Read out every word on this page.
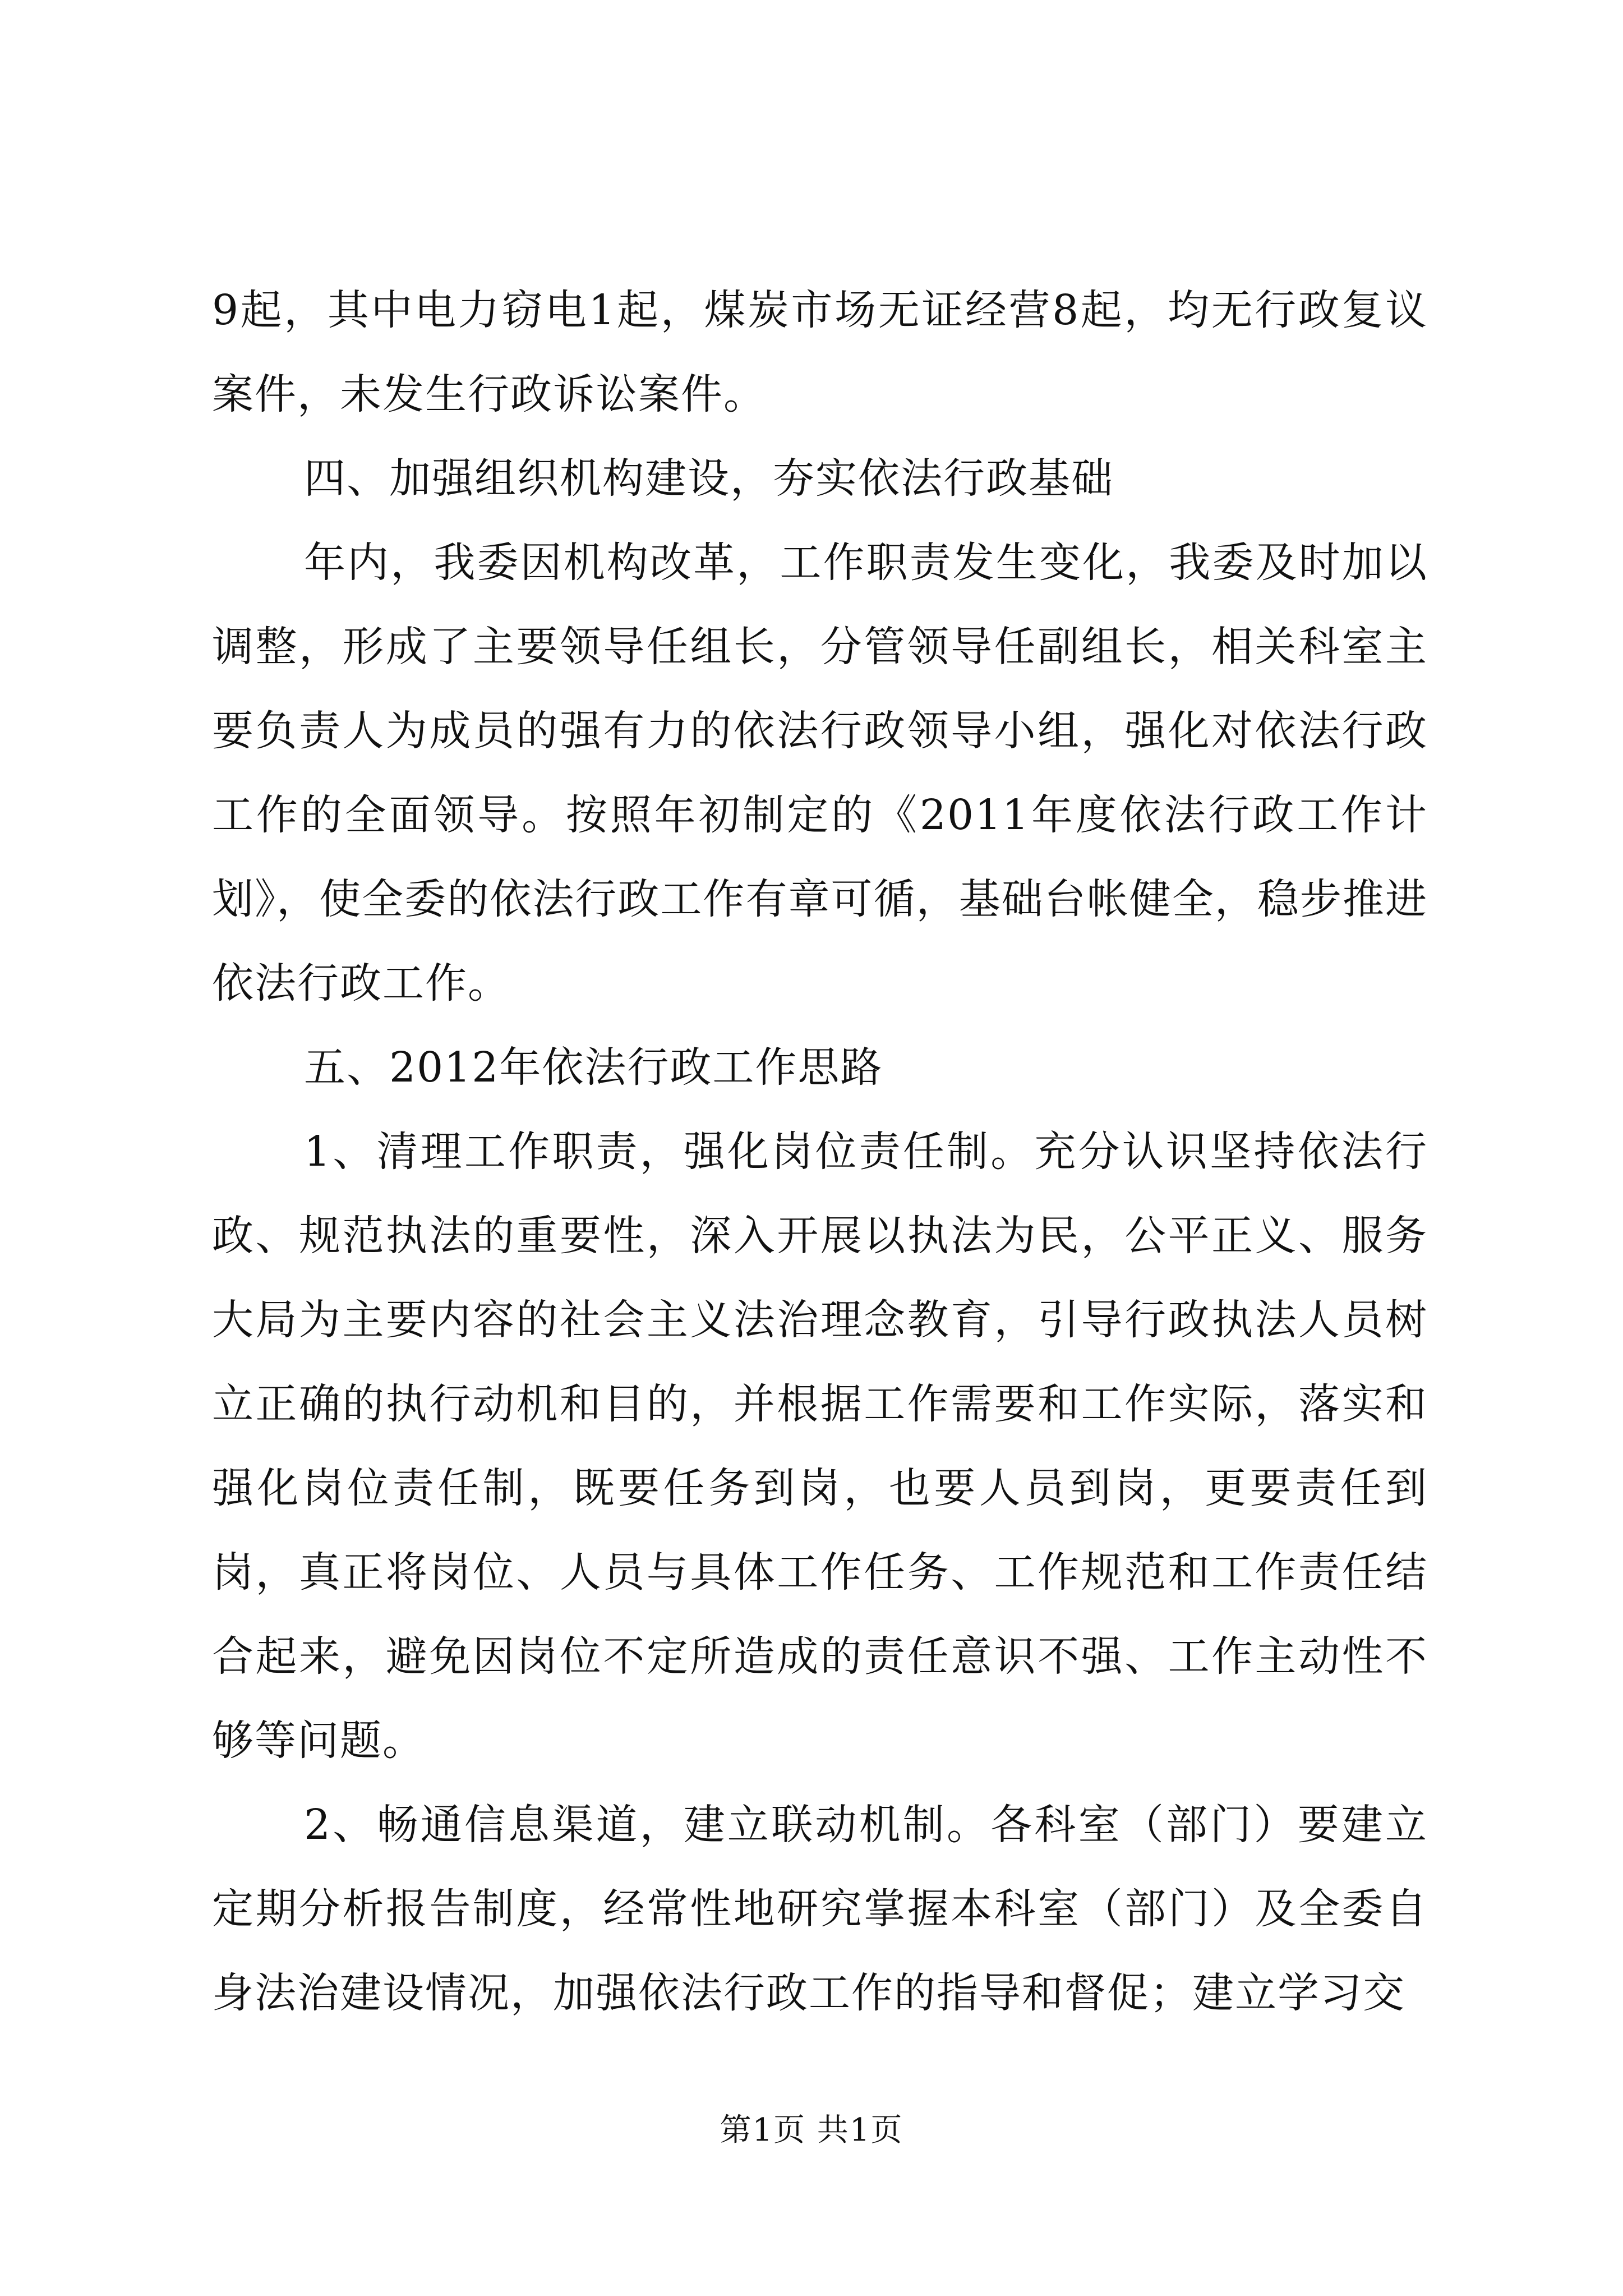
9起，其中电力窃电1起，煤炭市场无证经营8起，均无行政复议案件，未发生行政诉讼案件。

四、加强组织机构建设，夯实依法行政基础

年内，我委因机构改革，工作职责发生变化，我委及时加以调整，形成了主要领导任组长，分管领导任副组长，相关科室主要负责人为成员的强有力的依法行政领导小组，强化对依法行政工作的全面领导。按照年初制定的《2011年度依法行政工作计划》，使全委的依法行政工作有章可循，基础台帐健全，稳步推进依法行政工作。

五、2012年依法行政工作思路

1、清理工作职责，强化岗位责任制。充分认识坚持依法行政、规范执法的重要性，深入开展以执法为民，公平正义、服务大局为主要内容的社会主义法治理念教育，引导行政执法人员树立正确的执行动机和目的，并根据工作需要和工作实际，落实和强化岗位责任制，既要任务到岗，也要人员到岗，更要责任到岗，真正将岗位、人员与具体工作任务、工作规范和工作责任结合起来，避免因岗位不定所造成的责任意识不强、工作主动性不够等问题。

2、畅通信息渠道，建立联动机制。各科室（部门）要建立定期分析报告制度，经常性地研究掌握本科室（部门）及全委自身法治建设情况，加强依法行政工作的指导和督促；建立学习交

第1页 共1页
